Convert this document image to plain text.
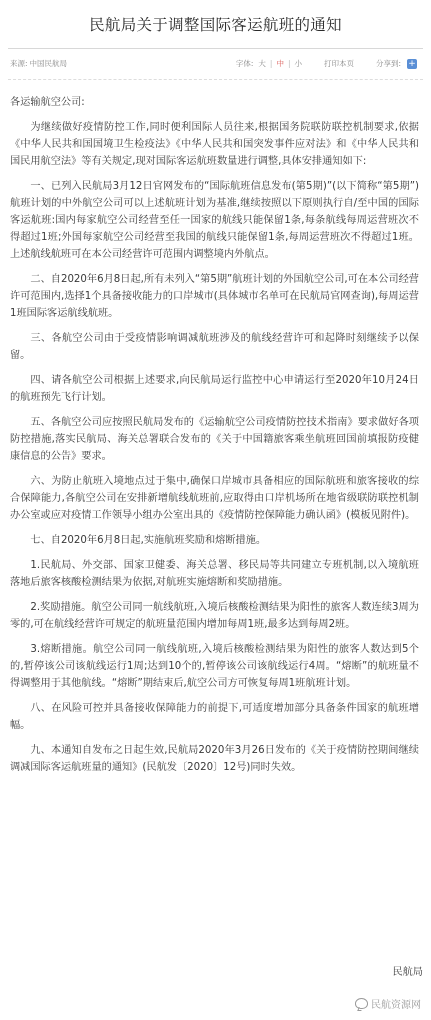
民航局关于调整国际客运航班的通知
来源: 中国民航局	字体: 大 | 中 | 小	打印本页	分享到: +

各运输航空公司:

为继续做好疫情防控工作,同时便利国际人员往来,根据国务院联防联控机制要求,依据《中华人民共和国国境卫生检疫法》《中华人民共和国突发事件应对法》和《中华人民共和国民用航空法》等有关规定,现对国际客运航班数量进行调整,具体安排通知如下:

一、已列入民航局3月12日官网发布的“国际航班信息发布(第5期)”(以下简称“第5期”)航班计划的中外航空公司可以上述航班计划为基准,继续按照以下原则执行自/至中国的国际客运航班:国内每家航空公司经营至任一国家的航线只能保留1条,每条航线每周运营班次不得超过1班;外国每家航空公司经营至我国的航线只能保留1条,每周运营班次不得超过1班。上述航线航班可在本公司经营许可范围内调整境内外航点。

二、自2020年6月8日起,所有未列入“第5期”航班计划的外国航空公司,可在本公司经营许可范围内,选择1个具备接收能力的口岸城市(具体城市名单可在民航局官网查询),每周运营1班国际客运航线航班。

三、各航空公司由于受疫情影响调减航班涉及的航线经营许可和起降时刻继续予以保留。

四、请各航空公司根据上述要求,向民航局运行监控中心申请运行至2020年10月24日的航班预先飞行计划。

五、各航空公司应按照民航局发布的《运输航空公司疫情防控技术指南》要求做好各项防控措施,落实民航局、海关总署联合发布的《关于中国籍旅客乘坐航班回国前填报防疫健康信息的公告》要求。

六、为防止航班入境地点过于集中,确保口岸城市具备相应的国际航班和旅客接收的综合保障能力,各航空公司在安排新增航线航班前,应取得由口岸机场所在地省级联防联控机制办公室或应对疫情工作领导小组办公室出具的《疫情防控保障能力确认函》(模板见附件)。

七、自2020年6月8日起,实施航班奖励和熔断措施。

1.民航局、外交部、国家卫健委、海关总署、移民局等共同建立专班机制,以入境航班落地后旅客核酸检测结果为依据,对航班实施熔断和奖励措施。

2.奖励措施。航空公司同一航线航班,入境后核酸检测结果为阳性的旅客人数连续3周为零的,可在航线经营许可规定的航班量范围内增加每周1班,最多达到每周2班。

3.熔断措施。航空公司同一航线航班,入境后核酸检测结果为阳性的旅客人数达到5个的,暂停该公司该航线运行1周;达到10个的,暂停该公司该航线运行4周。“熔断”的航班量不得调整用于其他航线。“熔断”期结束后,航空公司方可恢复每周1班航班计划。

八、在风险可控并具备接收保障能力的前提下,可适度增加部分具备条件国家的航班增幅。

九、本通知自发布之日起生效,民航局2020年3月26日发布的《关于疫情防控期间继续调减国际客运航班量的通知》(民航发〔2020〕12号)同时失效。

民航局
民航资源网
